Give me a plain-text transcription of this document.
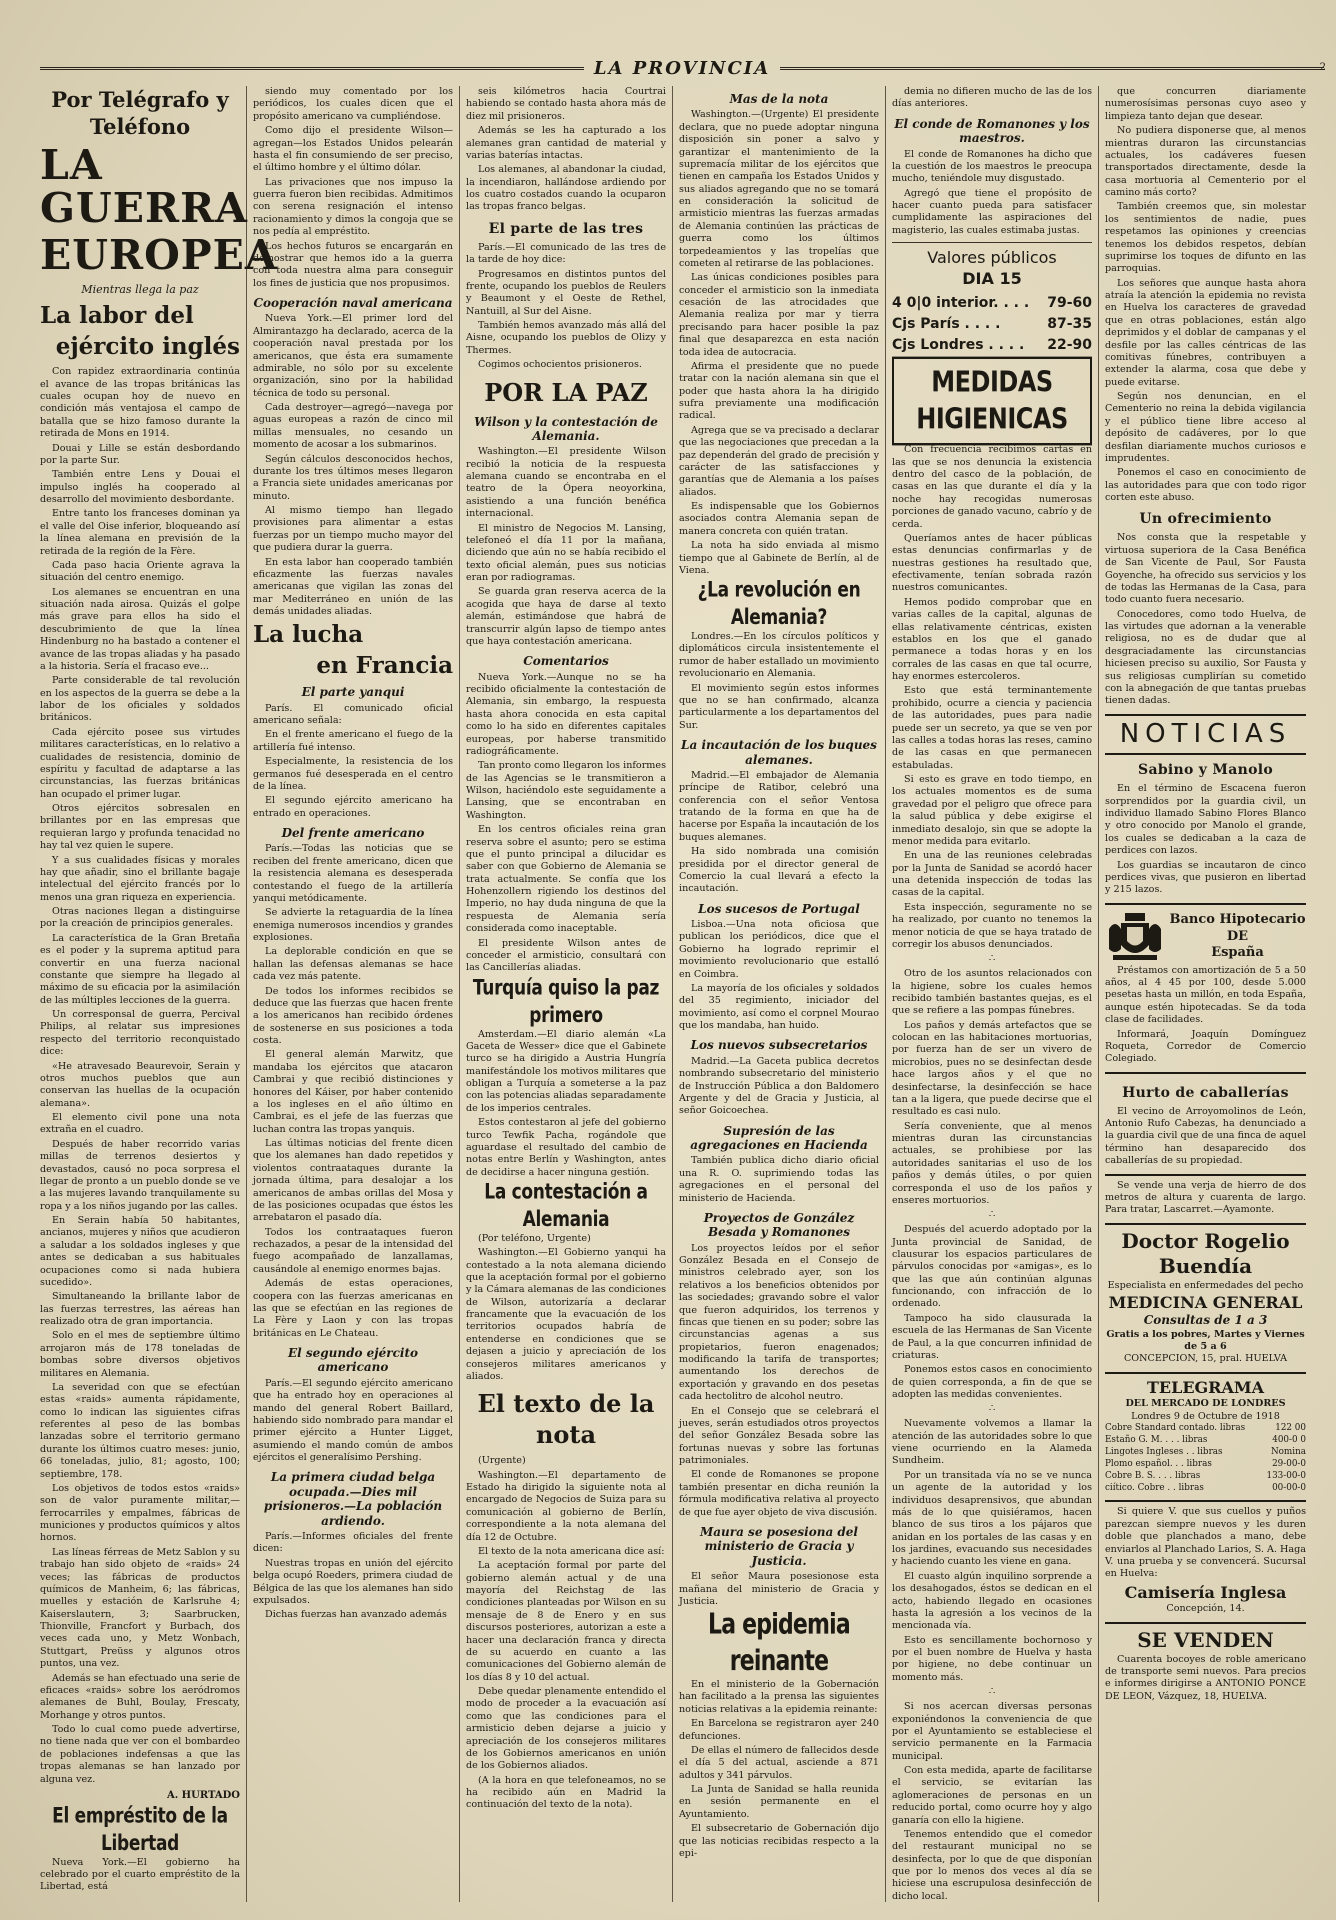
LA PROVINCIA	2
Por Telégrafo y Teléfono
LA GUERRA
EUROPEA
Mientras llega la paz
La labor del
ejército inglés

Con rapidez extraordinaria continúa el avance de las tropas británicas las cuales ocupan hoy de nuevo en condición más ventajosa el campo de batalla que se hizo famoso durante la retirada de Mons en 1914.

Douai y Lille se están desbordando por la parte Sur.

También entre Lens y Douai el impulso inglés ha cooperado al desarrollo del movimiento desbordante.

Entre tanto los franceses dominan ya el valle del Oise inferior, bloqueando así la línea alemana en previsión de la retirada de la región de la Fère.

Cada paso hacia Oriente agrava la situación del centro enemigo.

Los alemanes se encuentran en una situación nada airosa. Quizás el golpe más grave para ellos ha sido el descubrimiento de que la línea Hindenburg no ha bastado a contener el avance de las tropas aliadas y ha pasado a la historia. Sería el fracaso eve...

Parte considerable de tal revolución en los aspectos de la guerra se debe a la labor de los oficiales y soldados británicos.

Cada ejército posee sus virtudes militares características, en lo relativo a cualidades de resistencia, dominio de espíritu y facultad de adaptarse a las circunstancias, las fuerzas británicas han ocupado el primer lugar.

Otros ejércitos sobresalen en brillantes por en las empresas que requieran largo y profunda tenacidad no hay tal vez quien le supere.

Y a sus cualidades físicas y morales hay que añadir, sino el brillante bagaje intelectual del ejército francés por lo menos una gran riqueza en experiencia.

Otras naciones llegan a distinguirse por la creación de principios generales.

La característica de la Gran Bretaña es el poder y la suprema aptitud para convertir en una fuerza nacional constante que siempre ha llegado al máximo de su eficacia por la asimilación de las múltiples lecciones de la guerra.

Un corresponsal de guerra, Percival Philips, al relatar sus impresiones respecto del territorio reconquistado dice:

«He atravesado Beaurevoir, Serain y otros muchos pueblos que aun conservan las huellas de la ocupación alemana».

El elemento civil pone una nota extraña en el cuadro.

Después de haber recorrido varias millas de terrenos desiertos y devastados, causó no poca sorpresa el llegar de pronto a un pueblo donde se ve a las mujeres lavando tranquilamente su ropa y a los niños jugando por las calles.

En Serain había 50 habitantes, ancianos, mujeres y niños que acudieron a saludar a los soldados ingleses y que antes se dedicaban a sus habituales ocupaciones como si nada hubiera sucedido».

Simultaneando la brillante labor de las fuerzas terrestres, las aéreas han realizado otra de gran importancia.

Solo en el mes de septiembre último arrojaron más de 178 toneladas de bombas sobre diversos objetivos militares en Alemania.

La severidad con que se efectúan estas «raids» aumenta rápidamente, como lo indican las siguientes cifras referentes al peso de las bombas lanzadas sobre el territorio germano durante los últimos cuatro meses: junio, 66 toneladas, julio, 81; agosto, 100; septiembre, 178.

Los objetivos de todos estos «raids» son de valor puramente militar,—ferrocarriles y empalmes, fábricas de municiones y productos químicos y altos hornos.

Las líneas férreas de Metz Sablon y su trabajo han sido objeto de «raids» 24 veces; las fábricas de productos químicos de Manheim, 6; las fábricas, muelles y estación de Karlsruhe 4; Kaiserslautern, 3; Saarbrucken, Thionville, Francfort y Burbach, dos veces cada uno, y Metz Wonbach, Stuttgart, Preüss y algunos otros puntos, una vez.

Además se han efectuado una serie de eficaces «raids» sobre los aeródromos alemanes de Buhl, Boulay, Frescaty, Morhange y otros puntos.

Todo lo cual como puede advertirse, no tiene nada que ver con el bombardeo de poblaciones indefensas a que las tropas alemanas se han lanzado por alguna vez.

A. HURTADO
El empréstito de la Libertad

Nueva York.—El gobierno ha celebrado por el cuarto empréstito de la Libertad, está

siendo muy comentado por los periódicos, los cuales dicen que el propósito americano va cumpliéndose.

Como dijo el presidente Wilson—agregan—los Estados Unidos pelearán hasta el fin consumiendo de ser preciso, el último hombre y el último dólar.

Las privaciones que nos impuso la guerra fueron bien recibidas. Admitimos con serena resignación el intenso racionamiento y dimos la congoja que se nos pedía al empréstito.

Los hechos futuros se encargarán en demostrar que hemos ido a la guerra con toda nuestra alma para conseguir los fines de justicia que nos propusimos.

Cooperación naval americana

Nueva York.—El primer lord del Almirantazgo ha declarado, acerca de la cooperación naval prestada por los americanos, que ésta era sumamente admirable, no sólo por su excelente organización, sino por la habilidad técnica de todo su personal.

Cada destroyer—agregó—navega por aguas europeas a razón de cinco mil millas mensuales, no cesando un momento de acosar a los submarinos.

Según cálculos desconocidos hechos, durante los tres últimos meses llegaron a Francia siete unidades americanas por minuto.

Al mismo tiempo han llegado provisiones para alimentar a estas fuerzas por un tiempo mucho mayor del que pudiera durar la guerra.

En esta labor han cooperado también eficazmente las fuerzas navales americanas que vigilan las zonas del mar Mediterráneo en unión de las demás unidades aliadas.

La lucha
en Francia
El parte yanqui

París. El comunicado oficial americano señala:

En el frente americano el fuego de la artillería fué intenso.

Especialmente, la resistencia de los germanos fué desesperada en el centro de la línea.

El segundo ejército americano ha entrado en operaciones.

Del frente americano

París.—Todas las noticias que se reciben del frente americano, dicen que la resistencia alemana es desesperada contestando el fuego de la artillería yanqui metódicamente.

Se advierte la retaguardia de la línea enemiga numerosos incendios y grandes explosiones.

La deplorable condición en que se hallan las defensas alemanas se hace cada vez más patente.

De todos los informes recibidos se deduce que las fuerzas que hacen frente a los americanos han recibido órdenes de sostenerse en sus posiciones a toda costa.

El general alemán Marwitz, que mandaba los ejércitos que atacaron Cambrai y que recibió distinciones y honores del Káiser, por haber contenido a los ingleses en el año último en Cambrai, es el jefe de las fuerzas que luchan contra las tropas yanquis.

Las últimas noticias del frente dicen que los alemanes han dado repetidos y violentos contraataques durante la jornada última, para desalojar a los americanos de ambas orillas del Mosa y de las posiciones ocupadas que éstos les arrebataron el pasado día.

Todos los contraataques fueron rechazados, a pesar de la intensidad del fuego acompañado de lanzallamas, causándole al enemigo enormes bajas.

Además de estas operaciones, coopera con las fuerzas americanas en las que se efectúan en las regiones de La Fère y Laon y con las tropas británicas en Le Chateau.

El segundo ejército americano

París.—El segundo ejército americano que ha entrado hoy en operaciones al mando del general Robert Baillard, habiendo sido nombrado para mandar el primer ejército a Hunter Ligget, asumiendo el mando común de ambos ejércitos el generalísimo Pershing.

La primera ciudad belga ocupada.—Dies mil prisioneros.—La población ardiendo.

París.—Informes oficiales del frente dicen:

Nuestras tropas en unión del ejército belga ocupó Roeders, primera ciudad de Bélgica de las que los alemanes han sido expulsados.

Dichas fuerzas han avanzado además

seis kilómetros hacia Courtrai habiendo se contado hasta ahora más de diez mil prisioneros.

Además se les ha capturado a los alemanes gran cantidad de material y varias baterías intactas.

Los alemanes, al abandonar la ciudad, la incendiaron, hallándose ardiendo por los cuatro costados cuando la ocuparon las tropas franco belgas.

El parte de las tres

París.—El comunicado de las tres de la tarde de hoy dice:

Progresamos en distintos puntos del frente, ocupando los pueblos de Reulers y Beaumont y el Oeste de Rethel, Nantuill, al Sur del Aisne.

También hemos avanzado más allá del Aisne, ocupando los pueblos de Olizy y Thermes.

Cogimos ochocientos prisioneros.

POR LA PAZ
Wilson y la contestación de Alemania.

Washington.—El presidente Wilson recibió la noticia de la respuesta alemana cuando se encontraba en el teatro de la Ópera neoyorkina, asistiendo a una función benéfica internacional.

El ministro de Negocios M. Lansing, telefoneó el día 11 por la mañana, diciendo que aún no se había recibido el texto oficial alemán, pues sus noticias eran por radiogramas.

Se guarda gran reserva acerca de la acogida que haya de darse al texto alemán, estimándose que habrá de transcurrir algún lapso de tiempo antes que haya contestación americana.

Comentarios

Nueva York.—Aunque no se ha recibido oficialmente la contestación de Alemania, sin embargo, la respuesta hasta ahora conocida en esta capital como lo ha sido en diferentes capitales europeas, por haberse transmitido radiográficamente.

Tan pronto como llegaron los informes de las Agencias se le transmitieron a Wilson, haciéndolo este seguidamente a Lansing, que se encontraban en Washington.

En los centros oficiales reina gran reserva sobre el asunto; pero se estima que el punto principal a dilucidar es saber con que Gobierno de Alemania se trata actualmente. Se confía que los Hohenzollern rigiendo los destinos del Imperio, no hay duda ninguna de que la respuesta de Alemania sería considerada como inaceptable.

El presidente Wilson antes de conceder el armisticio, consultará con las Cancillerías aliadas.

Turquía quiso la paz primero

Amsterdam.—El diario alemán «La Gaceta de Wesser» dice que el Gabinete turco se ha dirigido a Austria Hungría manifestándole los motivos militares que obligan a Turquía a someterse a la paz con las potencias aliadas separadamente de los imperios centrales.

Estos contestaron al jefe del gobierno turco Tewfik Pacha, rogándole que aguardase el resultado del cambio de notas entre Berlín y Washington, antes de decidirse a hacer ninguna gestión.

La contestación a Alemania

(Por teléfono, Urgente)

Washington.—El Gobierno yanqui ha contestado a la nota alemana diciendo que la aceptación formal por el gobierno y la Cámara alemanas de las condiciones de Wilson, autorizaría a declarar francamente que la evacuación de los territorios ocupados habría de entenderse en condiciones que se dejasen a juicio y apreciación de los consejeros militares americanos y aliados.

El texto de la nota

(Urgente)

Washington.—El departamento de Estado ha dirigido la siguiente nota al encargado de Negocios de Suiza para su comunicación al gobierno de Berlín, correspondiente a la nota alemana del día 12 de Octubre.

El texto de la nota americana dice así:

La aceptación formal por parte del gobierno alemán actual y de una mayoría del Reichstag de las condiciones planteadas por Wilson en su mensaje de 8 de Enero y en sus discursos posteriores, autorizan a este a hacer una declaración franca y directa de su acuerdo en cuanto a las comunicaciones del Gobierno alemán de los días 8 y 10 del actual.

Debe quedar plenamente entendido el modo de proceder a la evacuación así como que las condiciones para el armisticio deben dejarse a juicio y apreciación de los consejeros militares de los Gobiernos americanos en unión de los Gobiernos aliados.

(A la hora en que telefoneamos, no se ha recibido aún en Madrid la continuación del texto de la nota).

Mas de la nota

Washington.—(Urgente) El presidente declara, que no puede adoptar ninguna disposición sin poner a salvo y garantizar el mantenimiento de la supremacía militar de los ejércitos que tienen en campaña los Estados Unidos y sus aliados agregando que no se tomará en consideración la solicitud de armisticio mientras las fuerzas armadas de Alemania continúen las prácticas de guerra como los últimos torpedeamientos y las tropelías que cometen al retirarse de las poblaciones.

Las únicas condiciones posibles para conceder el armisticio son la inmediata cesación de las atrocidades que Alemania realiza por mar y tierra precisando para hacer posible la paz final que desaparezca en esta nación toda idea de autocracia.

Afirma el presidente que no puede tratar con la nación alemana sin que el poder que hasta ahora la ha dirigido sufra previamente una modificación radical.

Agrega que se va precisado a declarar que las negociaciones que precedan a la paz dependerán del grado de precisión y carácter de las satisfacciones y garantías que de Alemania a los países aliados.

Es indispensable que los Gobiernos asociados contra Alemania sepan de manera concreta con quién tratan.

La nota ha sido enviada al mismo tiempo que al Gabinete de Berlín, al de Viena.

¿La revolución en Alemania?

Londres.—En los círculos políticos y diplomáticos circula insistentemente el rumor de haber estallado un movimiento revolucionario en Alemania.

El movimiento según estos informes que no se han confirmado, alcanza particularmente a los departamentos del Sur.

La incautación de los buques alemanes.

Madrid.—El embajador de Alemania príncipe de Ratibor, celebró una conferencia con el señor Ventosa tratando de la forma en que ha de hacerse por España la incautación de los buques alemanes.

Ha sido nombrada una comisión presidida por el director general de Comercio la cual llevará a efecto la incautación.

Los sucesos de Portugal

Lisboa.—Una nota oficiosa que publican los periódicos, dice que el Gobierno ha logrado reprimir el movimiento revolucionario que estalló en Coimbra.

La mayoría de los oficiales y soldados del 35 regimiento, iniciador del movimiento, así como el corpnel Mourao que los mandaba, han huido.

Los nuevos subsecretarios

Madrid.—La Gaceta publica decretos nombrando subsecretario del ministerio de Instrucción Pública a don Baldomero Argente y del de Gracia y Justicia, al señor Goicoechea.

Supresión de las agregaciones en Hacienda

También publica dicho diario oficial una R. O. suprimiendo todas las agregaciones en el personal del ministerio de Hacienda.

Proyectos de González Besada y Romanones

Los proyectos leídos por el señor González Besada en el Consejo de ministros celebrado ayer, son los relativos a los beneficios obtenidos por las sociedades; gravando sobre el valor que fueron adquiridos, los terrenos y fincas que tienen en su poder; sobre las circunstancias agenas a sus propietarios, fueron enagenados; modificando la tarifa de transportes; aumentando los derechos de exportación y gravando en dos pesetas cada hectolitro de alcohol neutro.

En el Consejo que se celebrará el jueves, serán estudiados otros proyectos del señor González Besada sobre las fortunas nuevas y sobre las fortunas patrimoniales.

El conde de Romanones se propone también presentar en dicha reunión la fórmula modificativa relativa al proyecto de que fue ayer objeto de viva discusión.

Maura se posesiona del ministerio de Gracia y Justicia.

El señor Maura posesionose esta mañana del ministerio de Gracia y Justicia.

La epidemia reinante

En el ministerio de la Gobernación han facilitado a la prensa las siguientes noticias relativas a la epidemia reinante:

En Barcelona se registraron ayer 240 defunciones.

De ellas el número de fallecidos desde el día 5 del actual, asciende a 871 adultos y 341 párvulos.

La Junta de Sanidad se halla reunida en sesión permanente en el Ayuntamiento.

El subsecretario de Gobernación dijo que las noticias recibidas respecto a la epi-

demia no difieren mucho de las de los días anteriores.

El conde de Romanones y los maestros.

El conde de Romanones ha dicho que la cuestión de los maestros le preocupa mucho, teniéndole muy disgustado.

Agregó que tiene el propósito de hacer cuanto pueda para satisfacer cumplidamente las aspiraciones del magisterio, las cuales estimaba justas.

Valores públicos
DIA 15
4 0|0 interior. . . . 79-60
Cjs París . . . .	87-35
Cjs Londres . . . . 22-90
MEDIDAS HIGIENICAS

Con frecuencia recibimos cartas en las que se nos denuncia la existencia dentro del casco de la población, de casas en las que durante el día y la noche hay recogidas numerosas porciones de ganado vacuno, cabrío y de cerda.

Queríamos antes de hacer públicas estas denuncias confirmarlas y de nuestras gestiones ha resultado que, efectivamente, tenían sobrada razón nuestros comunicantes.

Hemos podido comprobar que en varias calles de la capital, algunas de ellas relativamente céntricas, existen establos en los que el ganado permanece a todas horas y en los corrales de las casas en que tal ocurre, hay enormes estercoleros.

Esto que está terminantemente prohibido, ocurre a ciencia y paciencia de las autoridades, pues para nadie puede ser un secreto, ya que se ven por las calles a todas horas las reses, camino de las casas en que permanecen estabuladas.

Si esto es grave en todo tiempo, en los actuales momentos es de suma gravedad por el peligro que ofrece para la salud pública y debe exigirse el inmediato desalojo, sin que se adopte la menor medida para evitarlo.

En una de las reuniones celebradas por la Junta de Sanidad se acordó hacer una detenida inspección de todas las casas de la capital.

Esta inspección, seguramente no se ha realizado, por cuanto no tenemos la menor noticia de que se haya tratado de corregir los abusos denunciados.

∴

Otro de los asuntos relacionados con la higiene, sobre los cuales hemos recibido también bastantes quejas, es el que se refiere a las pompas fúnebres.

Los paños y demás artefactos que se colocan en las habitaciones mortuorias, por fuerza han de ser un vivero de microbios, pues no se desinfectan desde hace largos años y el que no desinfectarse, la desinfección se hace tan a la ligera, que puede decirse que el resultado es casi nulo.

Sería conveniente, que al menos mientras duran las circunstancias actuales, se prohibiese por las autoridades sanitarias el uso de los paños y demás útiles, o por quien corresponda el uso de los paños y enseres mortuorios.

∴

Después del acuerdo adoptado por la Junta provincial de Sanidad, de clausurar los espacios particulares de párvulos conocidas por «amigas», es lo que las que aún continúan algunas funcionando, con infracción de lo ordenado.

Tampoco ha sido clausurada la escuela de las Hermanas de San Vicente de Paul, a la que concurren infinidad de criaturas.

Ponemos estos casos en conocimiento de quien corresponda, a fin de que se adopten las medidas convenientes.

∴

Nuevamente volvemos a llamar la atención de las autoridades sobre lo que viene ocurriendo en la Alameda Sundheim.

Por un transitada vía no se ve nunca un agente de la autoridad y los individuos desaprensivos, que abundan más de lo que quisiéramos, hacen blanco de sus tiros a los pájaros que anidan en los portales de las casas y en los jardines, evacuando sus necesidades y haciendo cuanto les viene en gana.

El cuasto algún inquilino sorprende a los desahogados, éstos se dedican en el acto, habiendo llegado en ocasiones hasta la agresión a los vecinos de la mencionada vía.

Esto es sencillamente bochornoso y por el buen nombre de Huelva y hasta por higiene, no debe continuar un momento más.

∴

Si nos acercan diversas personas exponiéndonos la conveniencia de que por el Ayuntamiento se estableciese el servicio permanente en la Farmacia municipal.

Con esta medida, aparte de facilitarse el servicio, se evitarían las aglomeraciones de personas en un reducido portal, como ocurre hoy y algo ganaría con ello la higiene.

Tenemos entendido que el comedor del restaurant municipal no se desinfecta, por lo que de que disponían que por lo menos dos veces al día se hiciese una escrupulosa desinfección de dicho local.

que concurren diariamente numerosísimas personas cuyo aseo y limpieza tanto dejan que desear.

No pudiera disponerse que, al menos mientras duraron las circunstancias actuales, los cadáveres fuesen transportados directamente, desde la casa mortuoria al Cementerio por el camino más corto?

También creemos que, sin molestar los sentimientos de nadie, pues respetamos las opiniones y creencias tenemos los debidos respetos, debían suprimirse los toques de difunto en las parroquias.

Los señores que aunque hasta ahora atraía la atención la epidemia no revista en Huelva los caracteres de gravedad que en otras poblaciones, están algo deprimidos y el doblar de campanas y el desfile por las calles céntricas de las comitivas fúnebres, contribuyen a extender la alarma, cosa que debe y puede evitarse.

Según nos denuncian, en el Cementerio no reina la debida vigilancia y el público tiene libre acceso al depósito de cadáveres, por lo que desfilan diariamente muchos curiosos e imprudentes.

Ponemos el caso en conocimiento de las autoridades para que con todo rigor corten este abuso.

Un ofrecimiento

Nos consta que la respetable y virtuosa superiora de la Casa Benéfica de San Vicente de Paul, Sor Fausta Goyenche, ha ofrecido sus servicios y los de todas las Hermanas de la Casa, para todo cuanto fuera necesario.

Conocedores, como todo Huelva, de las virtudes que adornan a la venerable religiosa, no es de dudar que al desgraciadamente las circunstancias hiciesen preciso su auxilio, Sor Fausta y sus religiosas cumplirían su cometido con la abnegación de que tantas pruebas tienen dadas.

NOTICIAS
Sabino y Manolo

En el término de Escacena fueron sorprendidos por la guardia civil, un individuo llamado Sabino Flores Blanco y otro conocido por Manolo el grande, los cuales se dedicaban a la caza de perdices con lazos.

Los guardias se incautaron de cinco perdices vivas, que pusieron en libertad y 215 lazos.

Banco Hipotecario
DE
España

Préstamos con amortización de 5 a 50 años, al 4 45 por 100, desde 5.000 pesetas hasta un millón, en toda España, aunque estén hipotecadas. Se da toda clase de facilidades.

Informará, Joaquín Domínguez Roqueta, Corredor de Comercio Colegiado.

Hurto de caballerías

El vecino de Arroyomolinos de León, Antonio Rufo Cabezas, ha denunciado a la guardia civil que de una finca de aquel término han desaparecido dos caballerías de su propiedad.

Se vende una verja de hierro de dos metros de altura y cuarenta de largo. Para tratar, Lascarret.—Ayamonte.

Doctor Rogelio Buendía
Especialista en enfermedades del pecho
MEDICINA GENERAL
Consultas de 1 a 3
Gratis a los pobres, Martes y Viernes de 5 a 6
CONCEPCION, 15, pral. HUELVA
TELEGRAMA
DEL MERCADO DE LONDRES
Londres 9 de Octubre de 1918
Cobre Standard contado. libras	122 00
Estaño G. M. . . . libras	400-0 0
Lingotes Ingleses . . libras	Nomina
Plomo español. . . libras	29-00-0
Cobre B. S. . . . libras	133-00-0
ciítico. Cobre . . libras	00-00-0

Si quiere V. que sus cuellos y puños parezcan siempre nuevos y les duren doble que planchados a mano, debe enviarlos al Planchado Larios, S. A. Haga V. una prueba y se convencerá. Sucursal en Huelva:

Camisería Inglesa
Concepción, 14.
SE VENDEN

Cuarenta bocoyes de roble americano de transporte semi nuevos. Para precios e informes dirigirse a ANTONIO PONCE DE LEON, Vázquez, 18, HUELVA.
